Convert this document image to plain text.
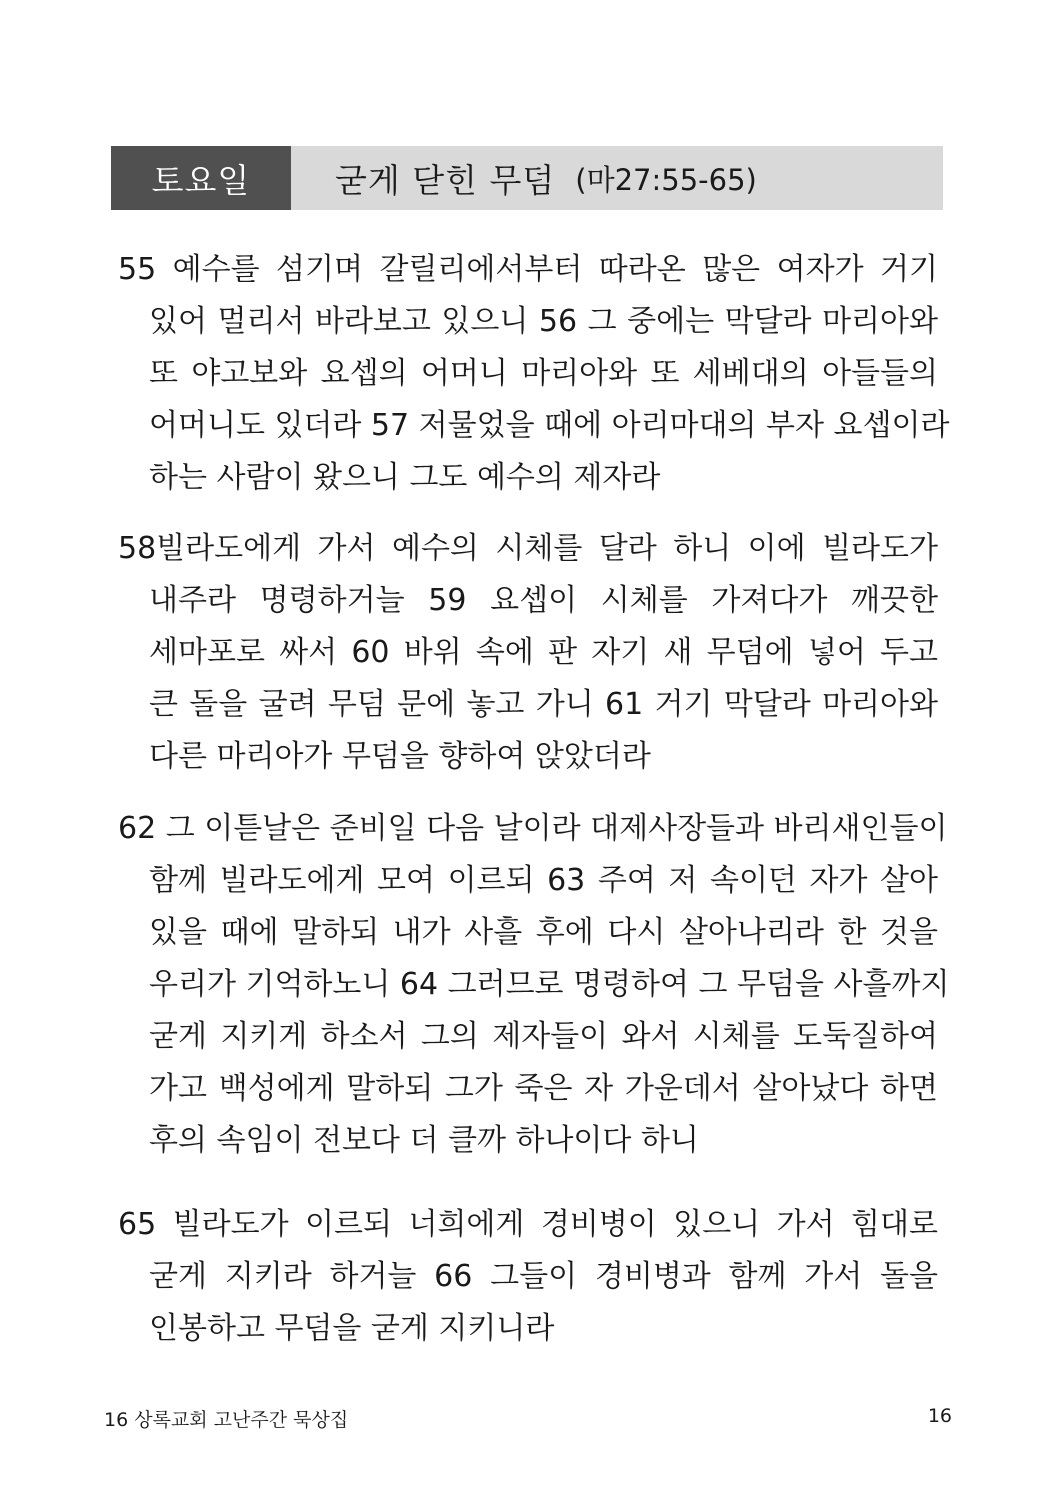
토요일	굳게 닫힌 무덤 (마27:55-65)
55 예수를 섬기며 갈릴리에서부터 따라온 많은 여자가 거기
있어 멀리서 바라보고 있으니 56 그 중에는 막달라 마리아와
또 야고보와 요셉의 어머니 마리아와 또 세베대의 아들들의
어머니도 있더라 57 저물었을 때에 아리마대의 부자 요셉이라
하는 사람이 왔으니 그도 예수의 제자라
58빌라도에게 가서 예수의 시체를 달라 하니 이에 빌라도가
내주라 명령하거늘 59 요셉이 시체를 가져다가 깨끗한
세마포로 싸서 60 바위 속에 판 자기 새 무덤에 넣어 두고
큰 돌을 굴려 무덤 문에 놓고 가니 61 거기 막달라 마리아와
다른 마리아가 무덤을 향하여 앉았더라
62 그 이튿날은 준비일 다음 날이라 대제사장들과 바리새인들이
함께 빌라도에게 모여 이르되 63 주여 저 속이던 자가 살아
있을 때에 말하되 내가 사흘 후에 다시 살아나리라 한 것을
우리가 기억하노니 64 그러므로 명령하여 그 무덤을 사흘까지
굳게 지키게 하소서 그의 제자들이 와서 시체를 도둑질하여
가고 백성에게 말하되 그가 죽은 자 가운데서 살아났다 하면
후의 속임이 전보다 더 클까 하나이다 하니
65 빌라도가 이르되 너희에게 경비병이 있으니 가서 힘대로
굳게 지키라 하거늘 66 그들이 경비병과 함께 가서 돌을
인봉하고 무덤을 굳게 지키니라
16 상록교회 고난주간 묵상집	16
